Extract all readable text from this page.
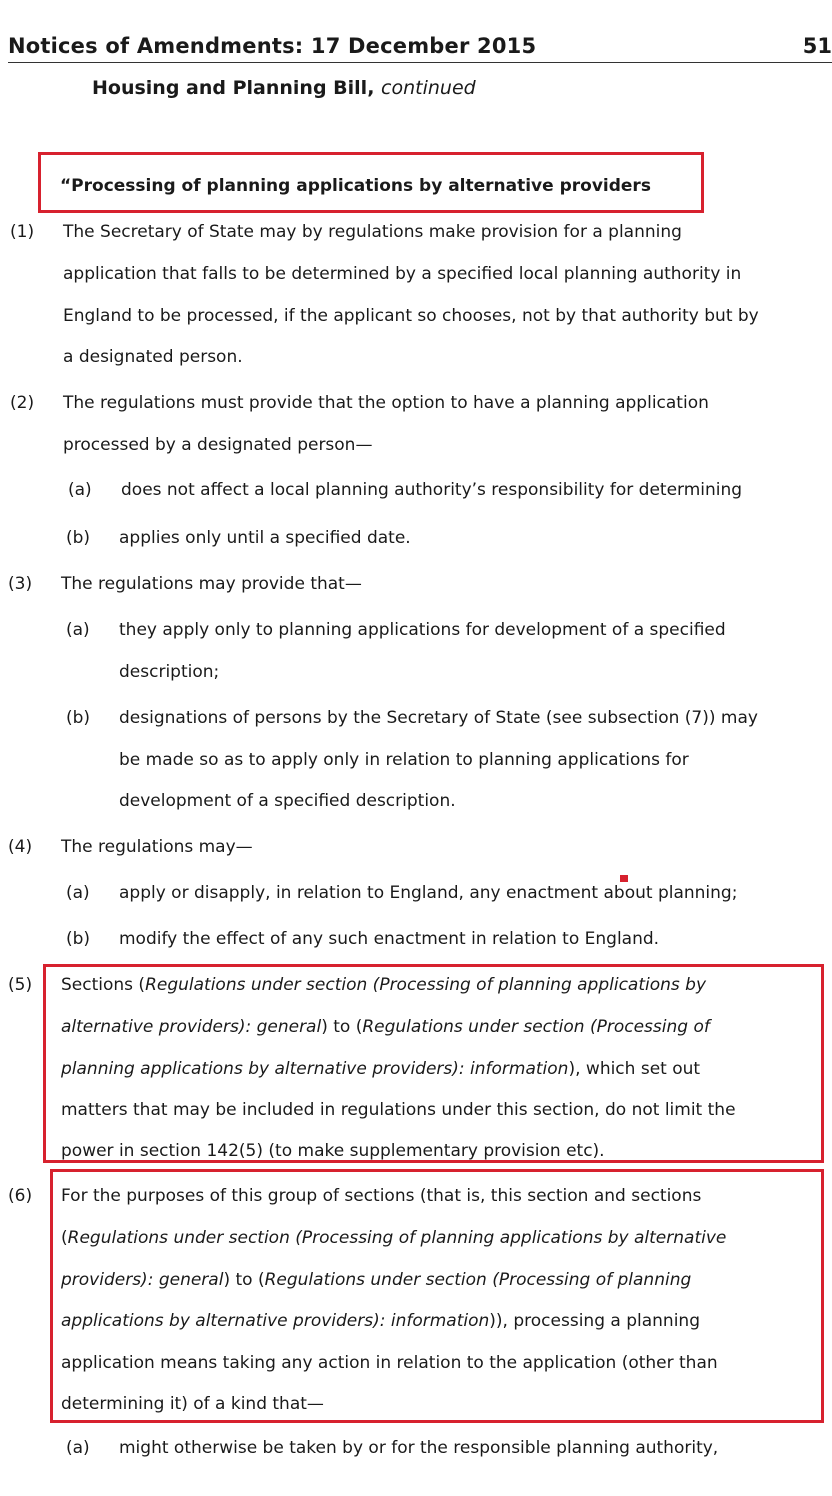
Notices of Amendments: 17 December 2015	51
Housing and Planning Bill, continued
“Processing of planning applications by alternative providers
(1) The Secretary of State may by regulations make provision for a planning
application that falls to be determined by a specified local planning authority in
England to be processed, if the applicant so chooses, not by that authority but by
a designated person.
(2) The regulations must provide that the option to have a planning application
processed by a designated person—
(a) does not affect a local planning authority’s responsibility for determining
(b) applies only until a specified date.
(3) The regulations may provide that—
(a) they apply only to planning applications for development of a specified
description;
(b) designations of persons by the Secretary of State (see subsection (7)) may
be made so as to apply only in relation to planning applications for
development of a specified description.
(4) The regulations may—
(a) apply or disapply, in relation to England, any enactment about planning;
(b) modify the effect of any such enactment in relation to England.
(5) Sections (Regulations under section (Processing of planning applications by
alternative providers): general) to (Regulations under section (Processing of
planning applications by alternative providers): information), which set out
matters that may be included in regulations under this section, do not limit the
power in section 142(5) (to make supplementary provision etc).
(6) For the purposes of this group of sections (that is, this section and sections
(Regulations under section (Processing of planning applications by alternative
providers): general) to (Regulations under section (Processing of planning
applications by alternative providers): information)), processing a planning
application means taking any action in relation to the application (other than
determining it) of a kind that—
(a) might otherwise be taken by or for the responsible planning authority,
